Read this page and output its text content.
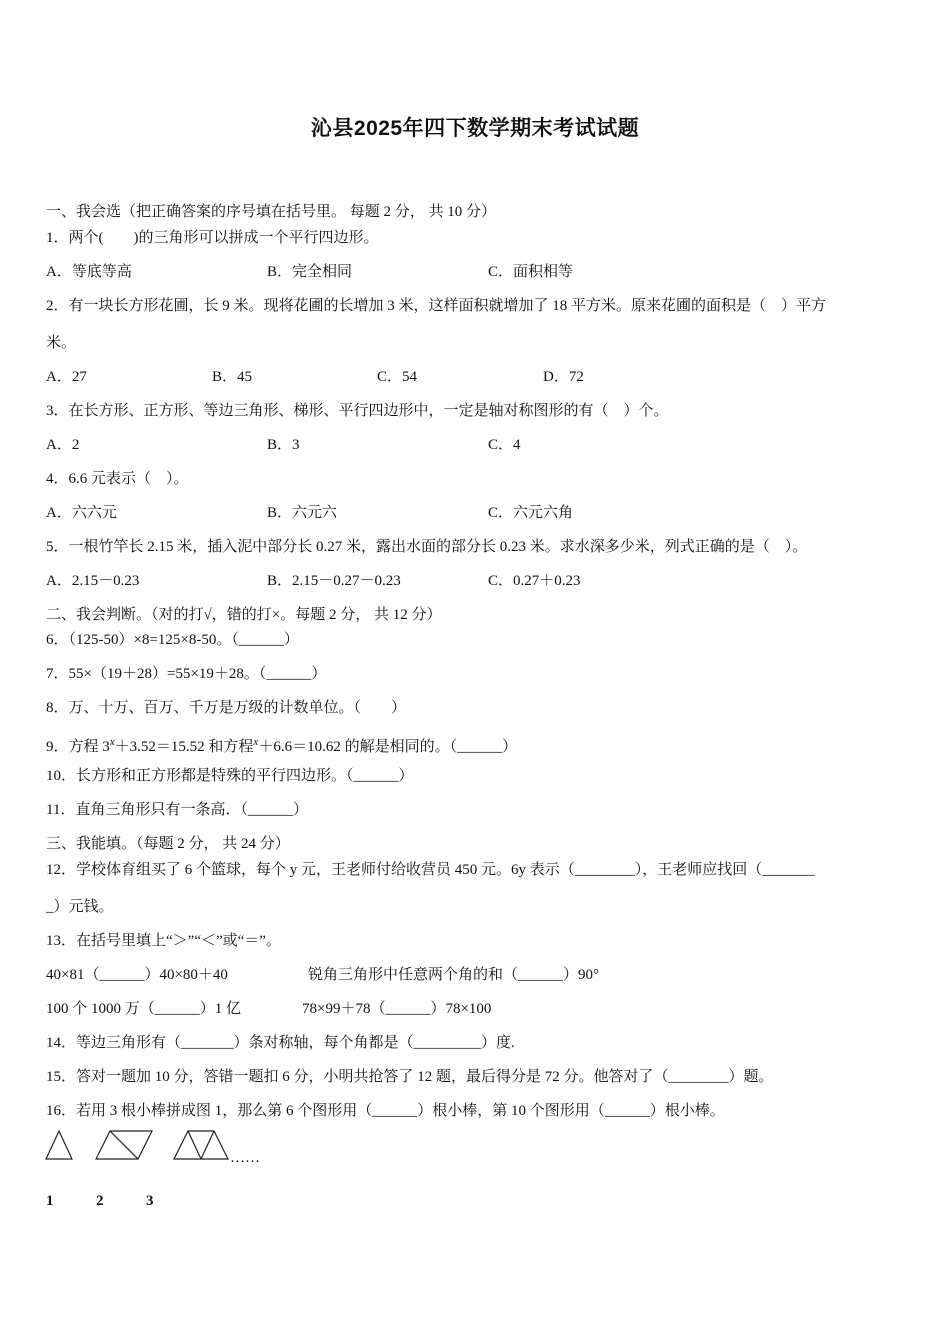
沁县2025年四下数学期末考试试题
一、我会选（把正确答案的序号填在括号里。 每题 2 分， 共 10 分）
1．两个(　　)的三角形可以拼成一个平行四边形。
A．等底等高	B．完全相同	C．面积相等
2．有一块长方形花圃，长 9 米。现将花圃的长增加 3 米，这样面积就增加了 18 平方米。原来花圃的面积是（　）平方
米。
A．27	B．45	C．54	D．72
3．在长方形、正方形、等边三角形、梯形、平行四边形中，一定是轴对称图形的有（　）个。
A．2	B．3	C．4
4．6.6 元表示（　）。
A．六六元	B．六元六	C．六元六角
5．一根竹竿长 2.15 米，插入泥中部分长 0.27 米，露出水面的部分长 0.23 米。求水深多少米，列式正确的是（　）。
A．2.15－0.23	B．2.15－0.27－0.23	C．0.27＋0.23
二、我会判断。（对的打√，错的打×。每题 2 分， 共 12 分）
6．（125-50）×8=125×8-50。（______）
7．55×（19＋28）=55×19＋28。（______）
8．万、十万、百万、千万是万级的计数单位。（　　）
9．方程 $3^x+3.52=15.52$ 和方程$^x$＋6.6＝10.62 的解是相同的。（______）
10．长方形和正方形都是特殊的平行四边形。（______）
11．直角三角形只有一条高．（______）
三、我能填。（每题 2 分， 共 24 分）
12．学校体育组买了 6 个篮球，每个 y 元，王老师付给收营员 450 元。6y 表示（________），王老师应找回（_______
_）元钱。
13．在括号里填上“＞”“＜”或“＝”。
40×81（______）40×80＋40	锐角三角形中任意两个角的和（______）90°
100 个 1000 万（______）1 亿	78×99＋78（______）78×100
14．等边三角形有（_______）条对称轴，每个角都是（_________）度.
15．答对一题加 10 分，答错一题扣 6 分，小明共抢答了 12 题，最后得分是 72 分。他答对了（________）题。
16．若用 3 根小棒拼成图 1，那么第 6 个图形用（______）根小棒，第 10 个图形用（______）根小棒。
……
1	2	3
